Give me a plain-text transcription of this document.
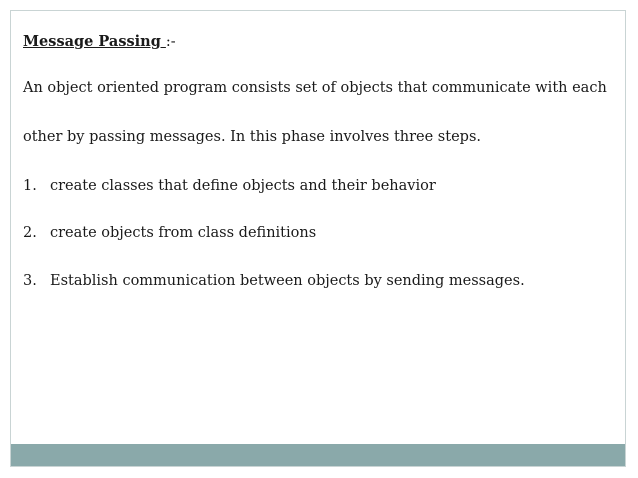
Message Passing :-
An object oriented program consists set of objects that communicate with each
other by passing messages. In this phase involves three steps.
1. create classes that define objects and their behavior
2. create objects from class definitions
3. Establish communication between objects by sending messages.
